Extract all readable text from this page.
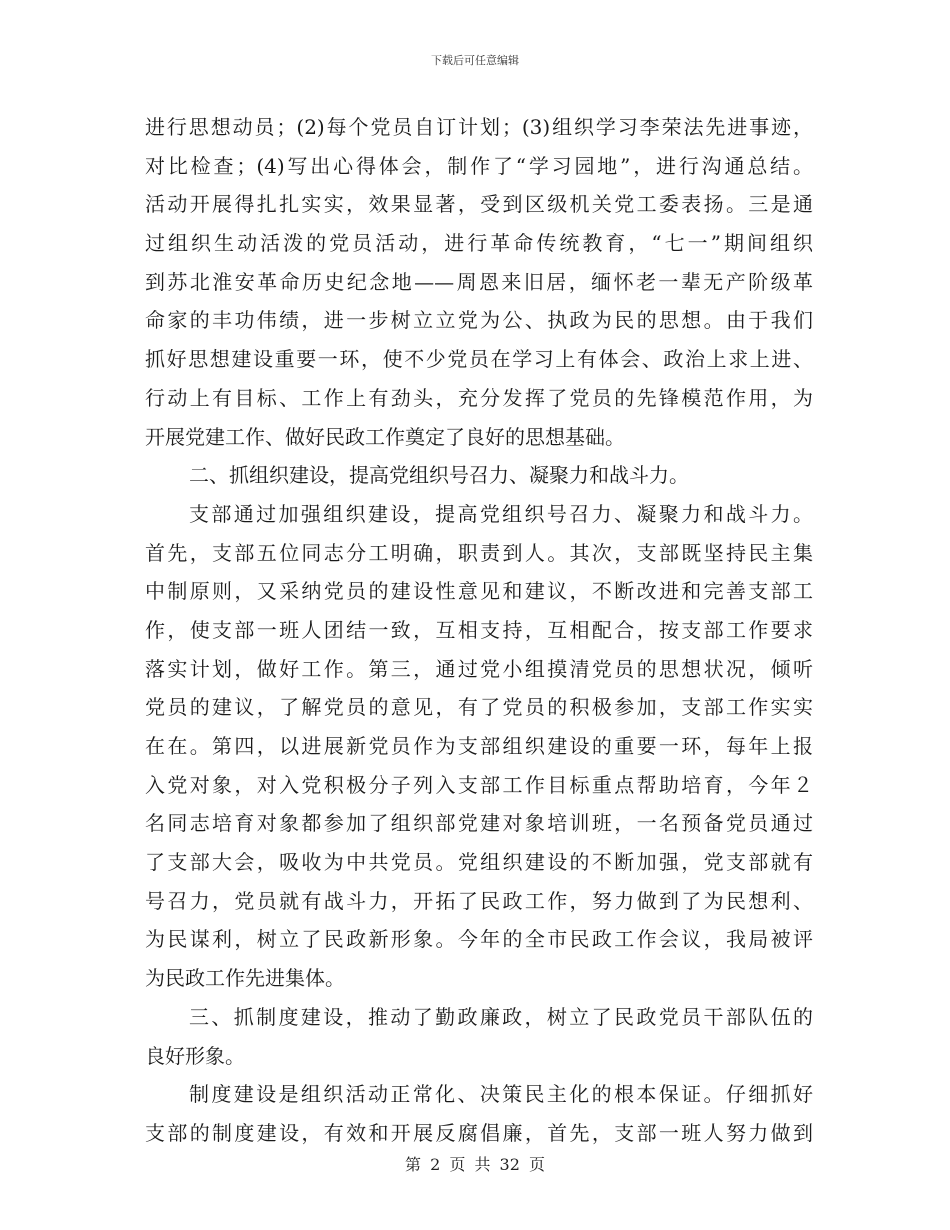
下载后可任意编辑
进行思想动员；(2)每个党员自订计划；(3)组织学习李荣法先进事迹，
对比检查；(4)写出心得体会，制作了“学习园地”，进行沟通总结。
活动开展得扎扎实实，效果显著，受到区级机关党工委表扬。三是通
过组织生动活泼的党员活动，进行革命传统教育，“七一”期间组织
到苏北淮安革命历史纪念地——周恩来旧居，缅怀老一辈无产阶级革
命家的丰功伟绩，进一步树立立党为公、执政为民的思想。由于我们
抓好思想建设重要一环，使不少党员在学习上有体会、政治上求上进、
行动上有目标、工作上有劲头，充分发挥了党员的先锋模范作用，为
开展党建工作、做好民政工作奠定了良好的思想基础。
二、抓组织建设，提高党组织号召力、凝聚力和战斗力。
支部通过加强组织建设，提高党组织号召力、凝聚力和战斗力。
首先，支部五位同志分工明确，职责到人。其次，支部既坚持民主集
中制原则，又采纳党员的建设性意见和建议，不断改进和完善支部工
作，使支部一班人团结一致，互相支持，互相配合，按支部工作要求
落实计划，做好工作。第三，通过党小组摸清党员的思想状况，倾听
党员的建议，了解党员的意见，有了党员的积极参加，支部工作实实
在在。第四，以进展新党员作为支部组织建设的重要一环，每年上报
入党对象，对入党积极分子列入支部工作目标重点帮助培育，今年２
名同志培育对象都参加了组织部党建对象培训班，一名预备党员通过
了支部大会，吸收为中共党员。党组织建设的不断加强，党支部就有
号召力，党员就有战斗力，开拓了民政工作，努力做到了为民想利、
为民谋利，树立了民政新形象。今年的全市民政工作会议，我局被评
为民政工作先进集体。
三、抓制度建设，推动了勤政廉政，树立了民政党员干部队伍的
良好形象。
制度建设是组织活动正常化、决策民主化的根本保证。仔细抓好
支部的制度建设，有效和开展反腐倡廉，首先，支部一班人努力做到
第 2 页 共 32 页
